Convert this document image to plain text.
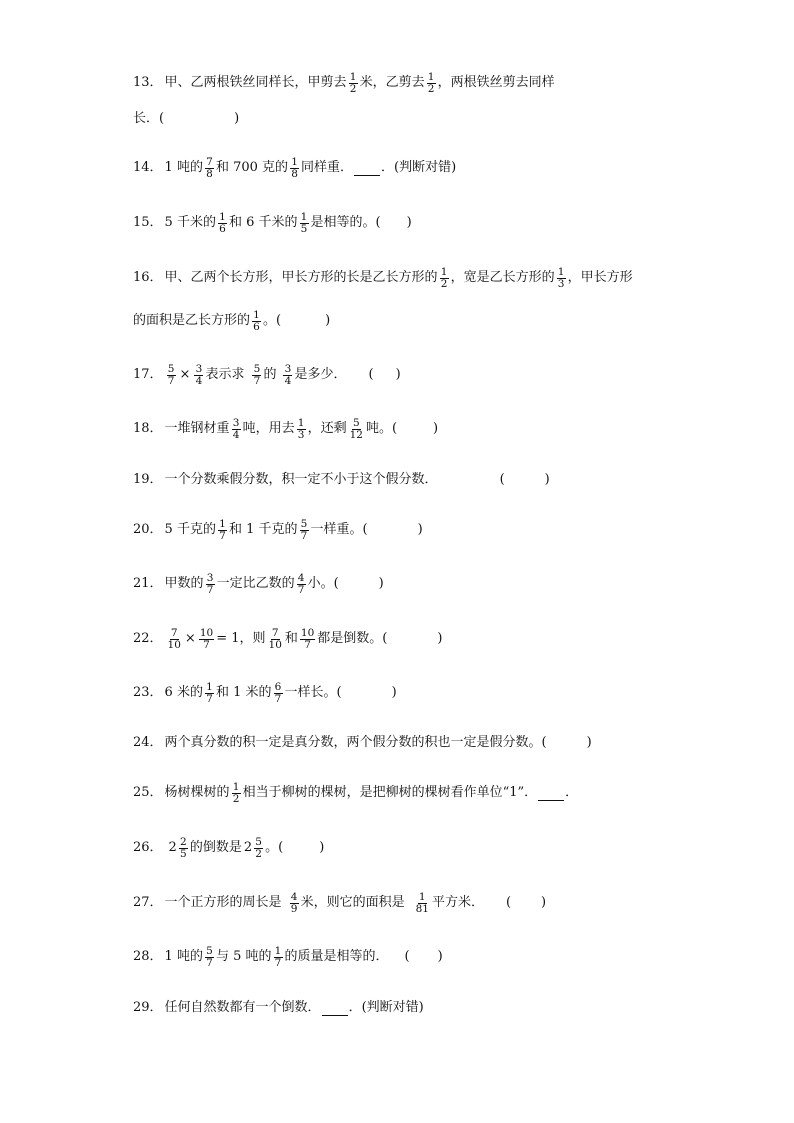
13． 甲、乙两根铁丝同样长，甲剪去 $\frac{1}{2}$ 米，乙剪去 $\frac{1}{2}$ ，两根铁丝剪去同样
长．(	)
14． 1 吨的 $\frac{7}{8}$ 和 700 克的 $\frac{1}{8}$ 同样重． ．(判断对错)
15． 5 千米的 $\frac{1}{6}$ 和 6 千米的 $\frac{1}{5}$ 是相等的。( )
16． 甲、乙两个长方形，甲长方形的长是乙长方形的 $\frac{1}{2}$ ，宽是乙长方形的 $\frac{1}{3}$ ，甲长方形
的面积是乙长方形的 $\frac{1}{6}$ 。(	)
17． $\frac{5}{7} \times \frac{3}{4}$ 表示求 $\frac{5}{7}$ 的 $\frac{3}{4}$ 是多少． ( )
18． 一堆钢材重 $\frac{3}{4}$ 吨，用去 $\frac{1}{3}$ ，还剩 $\frac{5}{12}$ 吨。(	)
19． 一个分数乘假分数，积一定不小于这个假分数．	(	)
20． 5 千克的 $\frac{1}{7}$ 和 1 千克的 $\frac{5}{7}$ 一样重。(	)
21． 甲数的 $\frac{3}{7}$ 一定比乙数的 $\frac{4}{7}$ 小。(	)
22． $\frac{7}{10} \times \frac{10}{7} = 1$ ，则 $\frac{7}{10}$ 和 $\frac{10}{7}$ 都是倒数。(	)
23． 6 米的 $\frac{1}{7}$ 和 1 米的 $\frac{6}{7}$ 一样长。(	)
24． 两个真分数的积一定是真分数，两个假分数的积也一定是假分数。(	)
25． 杨树棵树的 $\frac{1}{2}$ 相当于柳树的棵树，是把柳树的棵树看作单位“1”． ．
26． $2 \frac{2}{5}$ 的倒数是 $2 \frac{5}{2}$ 。(	)
27． 一个正方形的周长是 $\frac{4}{9}$ 米，则它的面积是 $\frac{1}{81}$ 平方米． ( )
28． 1 吨的 $\frac{5}{7}$ 与 5 吨的 $\frac{1}{7}$ 的质量是相等的． ( )
29． 任何自然数都有一个倒数． ．(判断对错)
